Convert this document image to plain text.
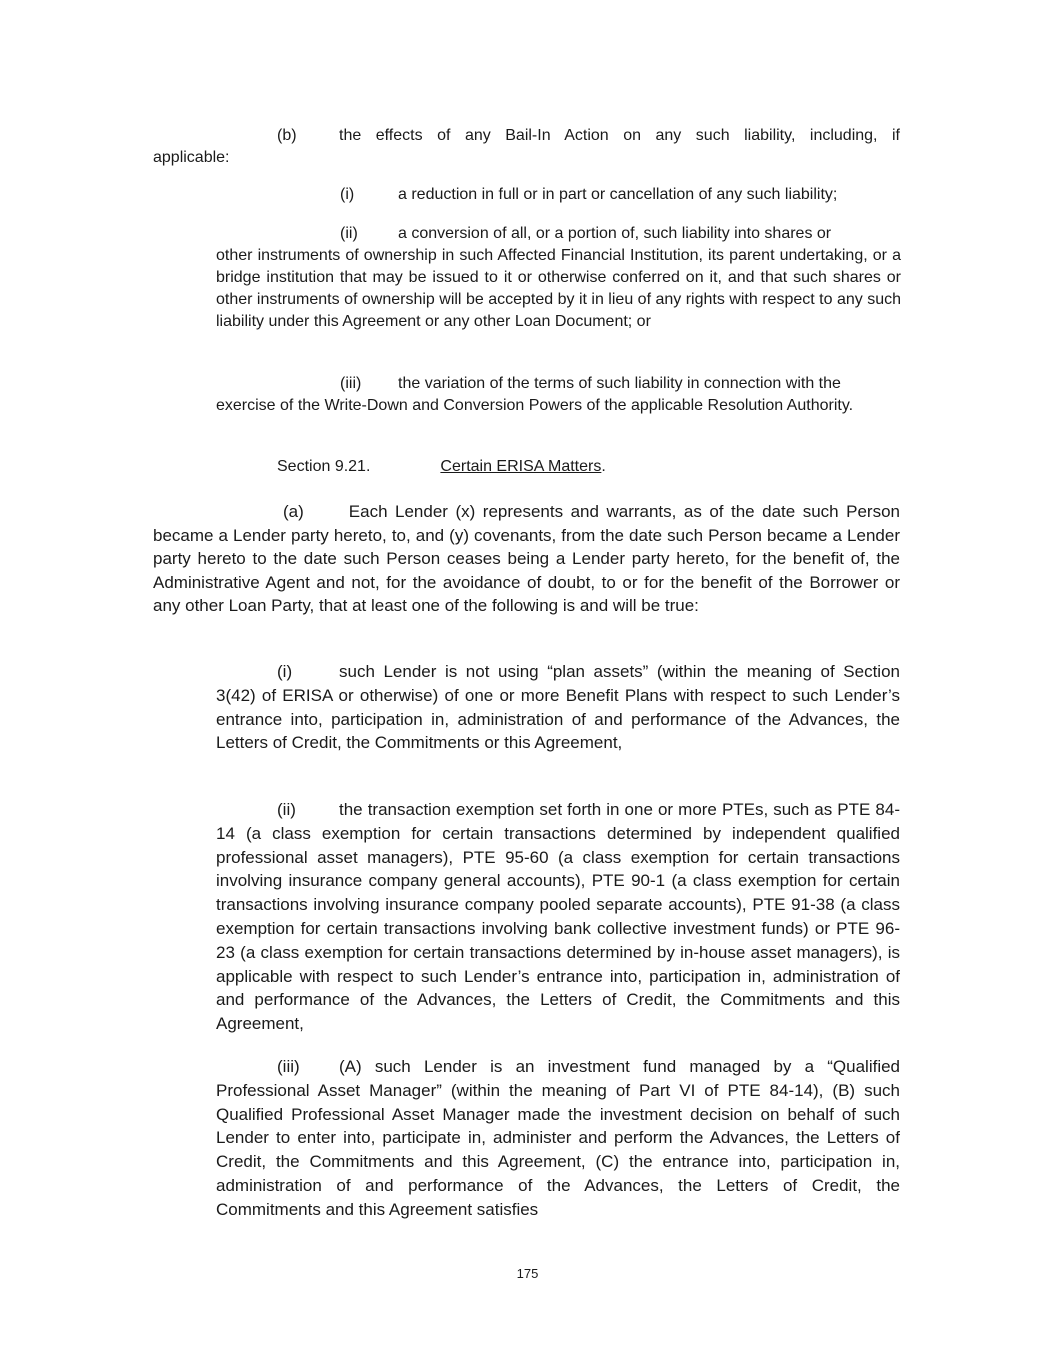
(b)	the effects of any Bail-In Action on any such liability, including, if
applicable:
(i)	a reduction in full or in part or cancellation of any such liability;
(ii)	a conversion of all, or a portion of, such liability into shares or
other instruments of ownership in such Affected Financial Institution, its parent undertaking, or a bridge institution that may be issued to it or otherwise conferred on it, and that such shares or other instruments of ownership will be accepted by it in lieu of any rights with respect to any such liability under this Agreement or any other Loan Document; or
(iii) the variation of the terms of such liability in connection with the
exercise of the Write-Down and Conversion Powers of the applicable Resolution Authority.
Section 9.21.	Certain ERISA Matters.
(a)	Each Lender (x) represents and warrants, as of the date such Person became a Lender party hereto, to, and (y) covenants, from the date such Person became a Lender party hereto to the date such Person ceases being a Lender party hereto, for the benefit of, the Administrative Agent and not, for the avoidance of doubt, to or for the benefit of the Borrower or any other Loan Party, that at least one of the following is and will be true:
(i)	such Lender is not using “plan assets” (within the meaning of Section 3(42) of ERISA or otherwise) of one or more Benefit Plans with respect to such Lender’s entrance into, participation in, administration of and performance of the Advances, the Letters of Credit, the Commitments or this Agreement,
(ii)	the transaction exemption set forth in one or more PTEs, such as PTE 84-14 (a class exemption for certain transactions determined by independent qualified professional asset managers), PTE 95-60 (a class exemption for certain transactions involving insurance company general accounts), PTE 90-1 (a class exemption for certain transactions involving insurance company pooled separate accounts), PTE 91-38 (a class exemption for certain transactions involving bank collective investment funds) or PTE 96-23 (a class exemption for certain transactions determined by in-house asset managers), is applicable with respect to such Lender’s entrance into, participation in, administration of and performance of the Advances, the Letters of Credit, the Commitments and this Agreement,
(iii) (A) such Lender is an investment fund managed by a “Qualified Professional Asset Manager” (within the meaning of Part VI of PTE 84-14), (B) such Qualified Professional Asset Manager made the investment decision on behalf of such Lender to enter into, participate in, administer and perform the Advances, the Letters of Credit, the Commitments and this Agreement, (C) the entrance into, participation in, administration of and performance of the Advances, the Letters of Credit, the Commitments and this Agreement satisfies
175
